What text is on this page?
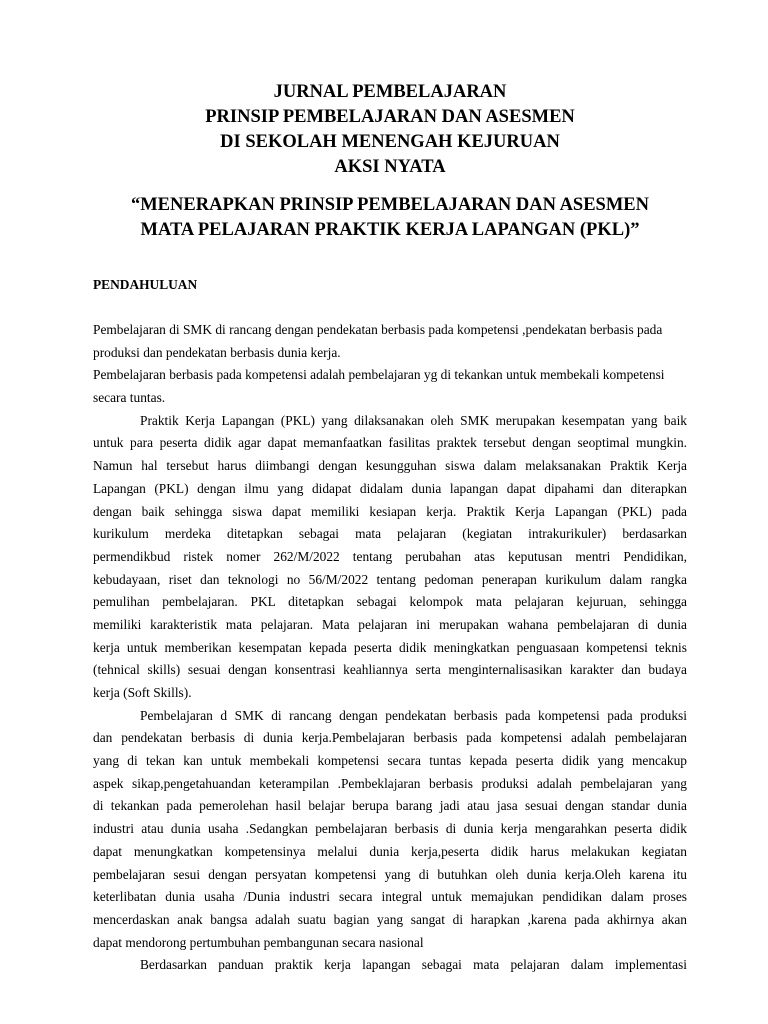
JURNAL PEMBELAJARAN
PRINSIP PEMBELAJARAN DAN ASESMEN
DI SEKOLAH MENENGAH KEJURUAN
AKSI NYATA
“MENERAPKAN PRINSIP PEMBELAJARAN DAN ASESMEN
MATA PELAJARAN PRAKTIK KERJA LAPANGAN (PKL)”
PENDAHULUAN
Pembelajaran di SMK di rancang dengan pendekatan berbasis pada kompetensi ,pendekatan berbasis pada
produksi dan pendekatan berbasis dunia kerja.
Pembelajaran berbasis pada kompetensi adalah pembelajaran yg di tekankan untuk membekali kompetensi
secara tuntas.
Praktik Kerja Lapangan (PKL) yang dilaksanakan oleh SMK merupakan kesempatan yang baik
untuk para peserta didik agar dapat memanfaatkan fasilitas praktek tersebut dengan seoptimal mungkin.
Namun hal tersebut harus diimbangi dengan kesungguhan siswa dalam melaksanakan Praktik Kerja
Lapangan (PKL) dengan ilmu yang didapat didalam dunia lapangan dapat dipahami dan diterapkan
dengan baik sehingga siswa dapat memiliki kesiapan kerja. Praktik Kerja Lapangan (PKL) pada
kurikulum merdeka ditetapkan sebagai mata pelajaran (kegiatan intrakurikuler) berdasarkan
permendikbud ristek nomer 262/M/2022 tentang perubahan atas keputusan mentri Pendidikan,
kebudayaan, riset dan teknologi no 56/M/2022 tentang pedoman penerapan kurikulum dalam rangka
pemulihan pembelajaran. PKL ditetapkan sebagai kelompok mata pelajaran kejuruan, sehingga
memiliki karakteristik mata pelajaran. Mata pelajaran ini merupakan wahana pembelajaran di dunia
kerja untuk memberikan kesempatan kepada peserta didik meningkatkan penguasaan kompetensi teknis
(tehnical skills) sesuai dengan konsentrasi keahliannya serta menginternalisasikan karakter dan budaya
kerja (Soft Skills).
Pembelajaran d SMK di rancang dengan pendekatan berbasis pada kompetensi pada produksi
dan pendekatan berbasis di dunia kerja.Pembelajaran berbasis pada kompetensi adalah pembelajaran
yang di tekan kan untuk membekali kompetensi secara tuntas kepada peserta didik yang mencakup
aspek sikap,pengetahuandan keterampilan .Pembeklajaran berbasis produksi adalah pembelajaran yang
di tekankan pada pemerolehan hasil belajar berupa barang jadi atau jasa sesuai dengan standar dunia
industri atau dunia usaha .Sedangkan pembelajaran berbasis di dunia kerja mengarahkan peserta didik
dapat menungkatkan kompetensinya melalui dunia kerja,peserta didik harus melakukan kegiatan
pembelajaran sesui dengan persyatan kompetensi yang di butuhkan oleh dunia kerja.Oleh karena itu
keterlibatan dunia usaha /Dunia industri secara integral untuk memajukan pendidikan dalam proses
mencerdaskan anak bangsa adalah suatu bagian yang sangat di harapkan ,karena pada akhirnya akan
dapat mendorong pertumbuhan pembangunan secara nasional
Berdasarkan panduan praktik kerja lapangan sebagai mata pelajaran dalam implementasi
